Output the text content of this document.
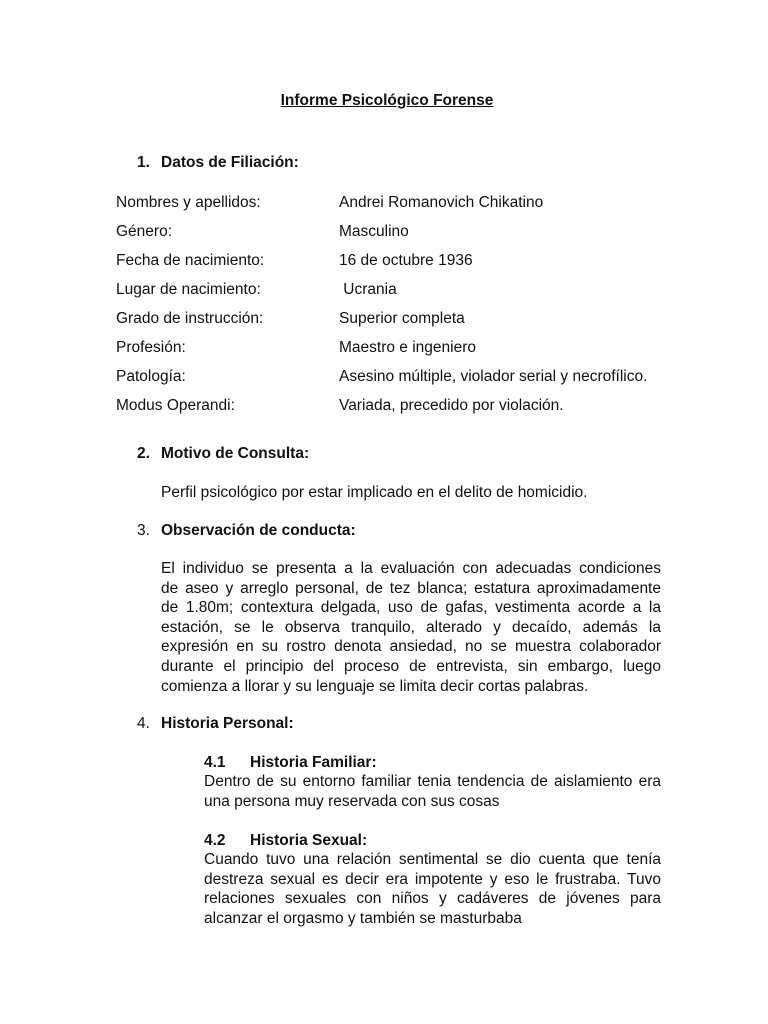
Informe Psicológico Forense
1. Datos de Filiación:
Nombres y apellidos:	Andrei Romanovich Chikatino
Género:	Masculino
Fecha de nacimiento:	16 de octubre 1936
Lugar de nacimiento:	Ucrania
Grado de instrucción:	Superior completa
Profesión:	Maestro e ingeniero
Patología:	Asesino múltiple, violador serial y necrofílico.
Modus Operandi:	Variada, precedido por violación.
2. Motivo de Consulta:
Perfil psicológico por estar implicado en el delito de homicidio.
3. Observación de conducta:
El individuo se presenta a la evaluación con adecuadas condiciones
de aseo y arreglo personal, de tez blanca; estatura aproximadamente
de 1.80m; contextura delgada, uso de gafas, vestimenta acorde a la
estación, se le observa tranquilo, alterado y decaído, además la
expresión en su rostro denota ansiedad, no se muestra colaborador
durante el principio del proceso de entrevista, sin embargo, luego
comienza a llorar y su lenguaje se limita decir cortas palabras.
4. Historia Personal:
4.1 Historia Familiar:
Dentro de su entorno familiar tenia tendencia de aislamiento era
una persona muy reservada con sus cosas
4.2 Historia Sexual:
Cuando tuvo una relación sentimental se dio cuenta que tenía
destreza sexual es decir era impotente y eso le frustraba. Tuvo
relaciones sexuales con niños y cadáveres de jóvenes para
alcanzar el orgasmo y también se masturbaba
